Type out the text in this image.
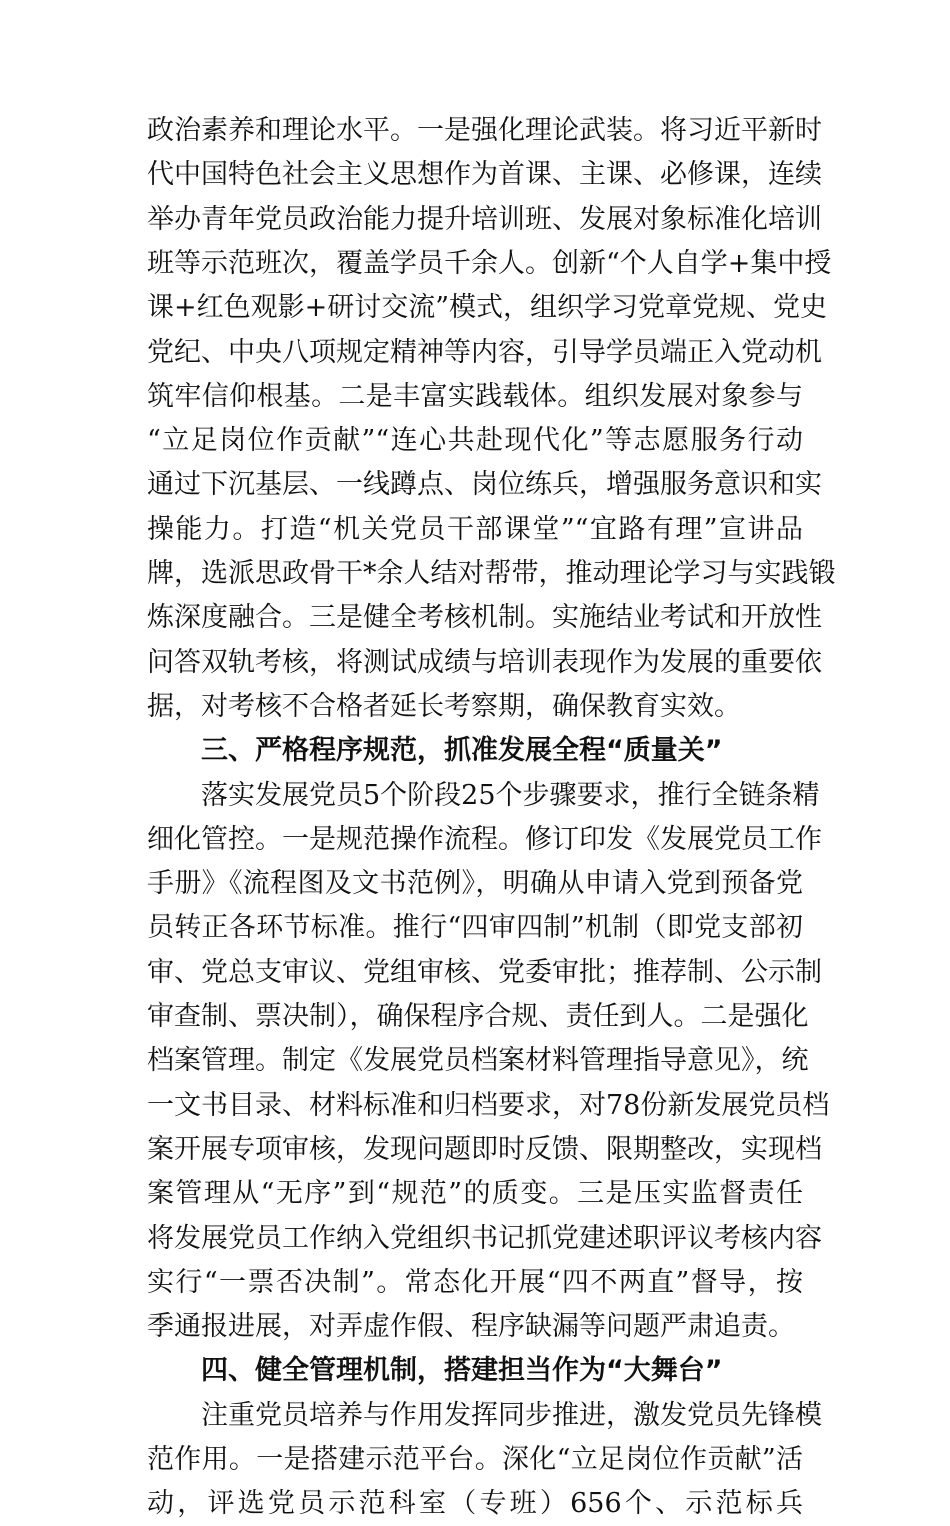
政治素养和理论水平。一是强化理论武装。将习近平新时
代中国特色社会主义思想作为首课、主课、必修课，连续
举办青年党员政治能力提升培训班、发展对象标准化培训
班等示范班次，覆盖学员千余人。创新“个人自学+集中授
课+红色观影+研讨交流”模式，组织学习党章党规、党史
党纪、中央八项规定精神等内容，引导学员端正入党动机
筑牢信仰根基。二是丰富实践载体。组织发展对象参与
“立足岗位作贡献”“连心共赴现代化”等志愿服务行动
通过下沉基层、一线蹲点、岗位练兵，增强服务意识和实
操能力。打造“机关党员干部课堂”“宜路有理”宣讲品
牌，选派思政骨干*余人结对帮带，推动理论学习与实践锻
炼深度融合。三是健全考核机制。实施结业考试和开放性
问答双轨考核，将测试成绩与培训表现作为发展的重要依
据，对考核不合格者延长考察期，确保教育实效。
三、严格程序规范，抓准发展全程“质量关”
落实发展党员5个阶段25个步骤要求，推行全链条精
细化管控。一是规范操作流程。修订印发《发展党员工作
手册》《流程图及文书范例》，明确从申请入党到预备党
员转正各环节标准。推行“四审四制”机制（即党支部初
审、党总支审议、党组审核、党委审批；推荐制、公示制
审查制、票决制），确保程序合规、责任到人。二是强化
档案管理。制定《发展党员档案材料管理指导意见》，统
一文书目录、材料标准和归档要求，对78份新发展党员档
案开展专项审核，发现问题即时反馈、限期整改，实现档
案管理从“无序”到“规范”的质变。三是压实监督责任
将发展党员工作纳入党组织书记抓党建述职评议考核内容
实行“一票否决制”。常态化开展“四不两直”督导，按
季通报进展，对弄虚作假、程序缺漏等问题严肃追责。
四、健全管理机制，搭建担当作为“大舞台”
注重党员培养与作用发挥同步推进，激发党员先锋模
范作用。一是搭建示范平台。深化“立足岗位作贡献”活
动，评选党员示范科室（专班）656个、示范标兵
